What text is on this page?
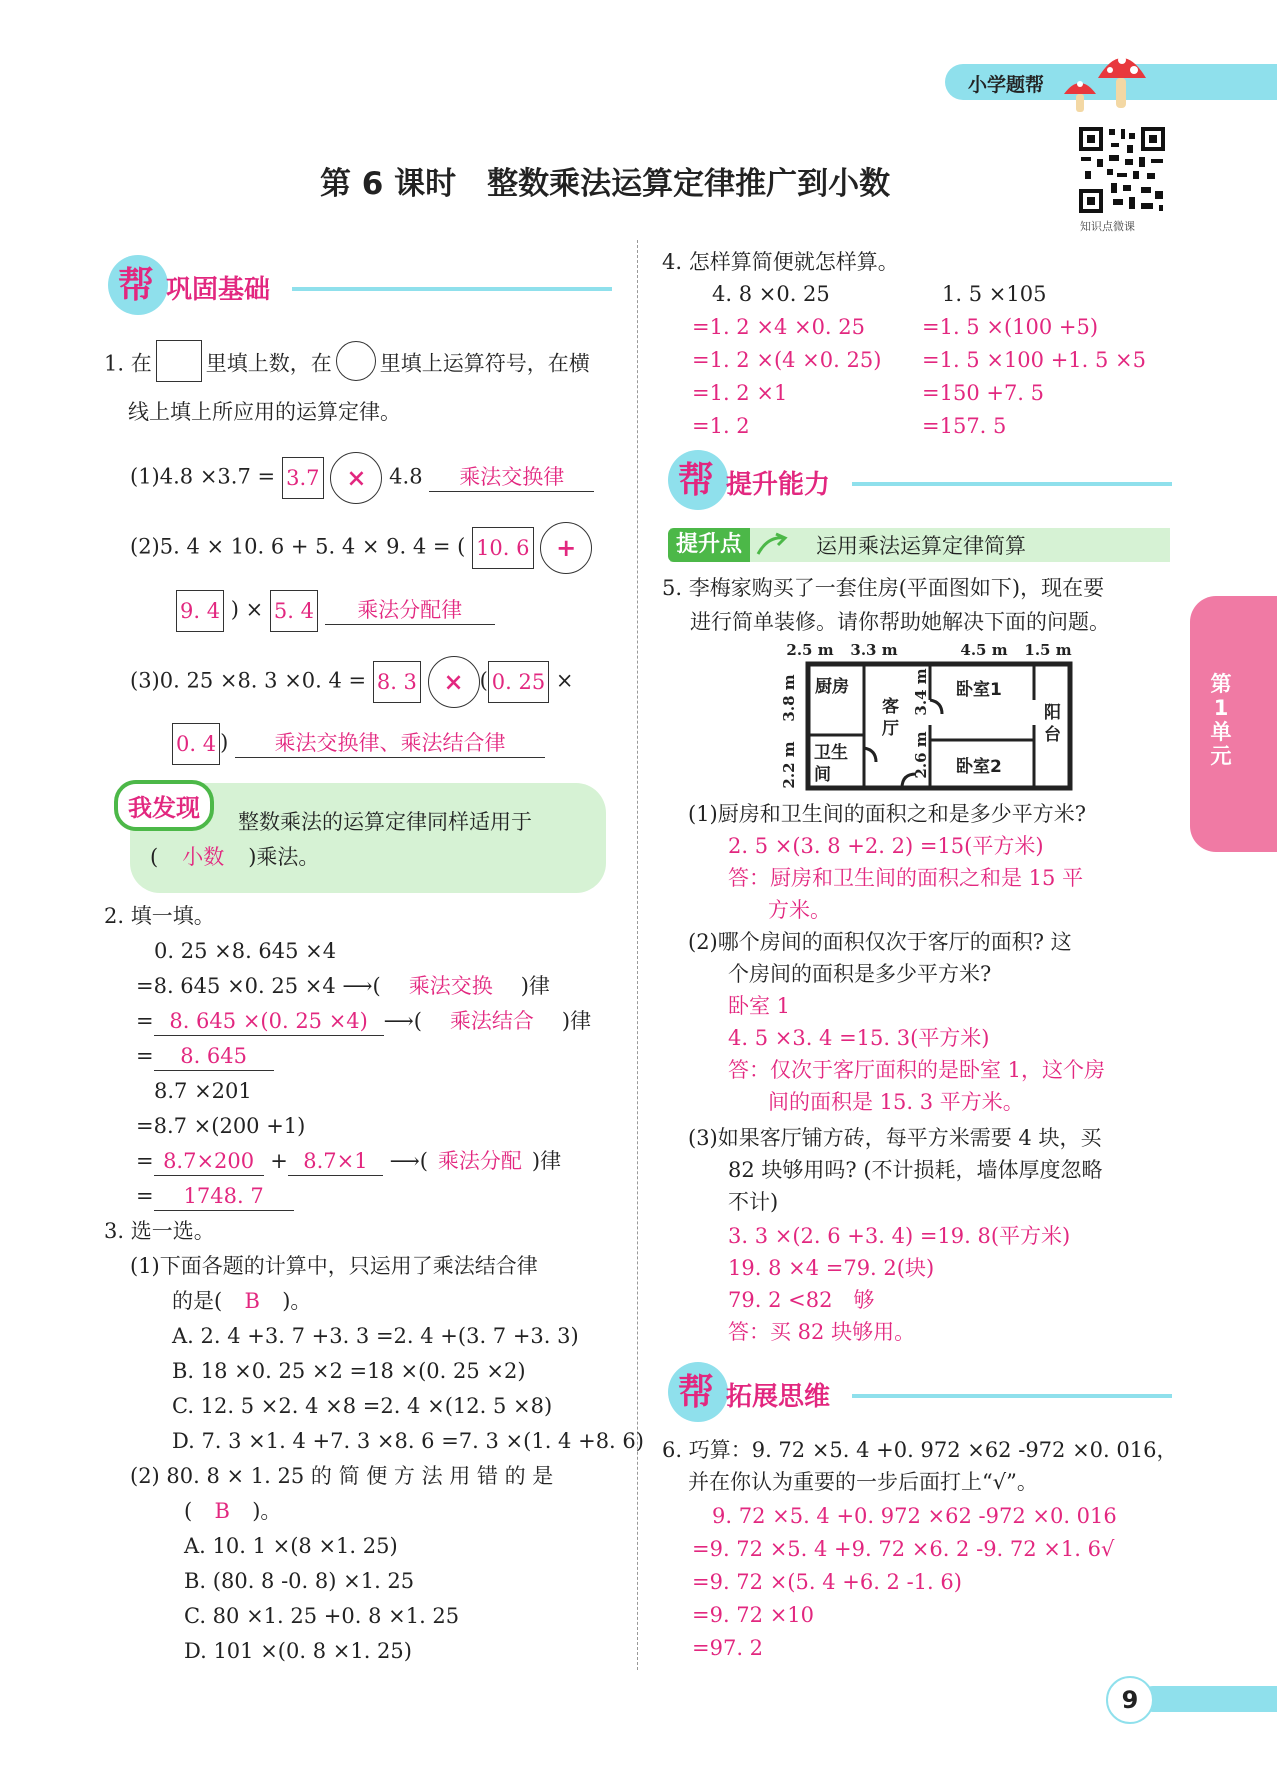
小学题帮
知识点微课
第 6 课时　整数乘法运算定律推广到小数
第
1
单
元
帮 巩固基础
1. 在	里填上数，在 里填上运算符号，在横
线上填上所应用的运算定律。
(1)4.8 ×3.7 = 3.7 × 4.8 乘法交换律
(2)5. 4 × 10. 6 + 5. 4 × 9. 4 = ( 10. 6 +
9. 4 ) × 5. 4 乘法分配律
(3)0. 25 ×8. 3 ×0. 4 = 8. 3 × ( 0. 25 ×
0. 4 ) 乘法交换律、乘法结合律
我发现	整数乘法的运算定律同样适用于
( 小数 )乘法。
2. 填一填。
0. 25 ×8. 645 ×4
=8. 645 ×0. 25 ×4 ⟶( 乘法交换 )律
= 8. 645 ×(0. 25 ×4) ⟶( 乘法结合 )律
= 8. 645
8.7 ×201
=8.7 ×(200 +1)
= 8.7×200 + 8.7×1 ⟶( 乘法分配 )律
= 1748. 7
3. 选一选。
(1)下面各题的计算中，只运用了乘法结合律
的是( B )。
A. 2. 4 +3. 7 +3. 3 =2. 4 +(3. 7 +3. 3)
B. 18 ×0. 25 ×2 =18 ×(0. 25 ×2)
C. 12. 5 ×2. 4 ×8 =2. 4 ×(12. 5 ×8)
D. 7. 3 ×1. 4 +7. 3 ×8. 6 =7. 3 ×(1. 4 +8. 6)
(2) 80. 8 × 1. 25 的 简 便 方 法 用 错 的 是
( B )。
A. 10. 1 ×(8 ×1. 25)
B. (80. 8 -0. 8) ×1. 25
C. 80 ×1. 25 +0. 8 ×1. 25
D. 101 ×(0. 8 ×1. 25)
4. 怎样算简便就怎样算。
4. 8 ×0. 25
=1. 2 ×4 ×0. 25
=1. 2 ×(4 ×0. 25)
=1. 2 ×1
=1. 2
1. 5 ×105
=1. 5 ×(100 +5)
=1. 5 ×100 +1. 5 ×5
=150 +7. 5
=157. 5
帮 提升能力
提升点	运用乘法运算定律简算
5. 李梅家购买了一套住房(平面图如下)，现在要
进行简单装修。请你帮助她解决下面的问题。
2.5 m 3.3 m	4.5 m 1.5 m
3.8 m
2.2 m
3.4 m
2.6 m
厨房
客
厅
卧室1
卫生
间	卧室2
阳
台
(1)厨房和卫生间的面积之和是多少平方米?
2. 5 ×(3. 8 +2. 2) =15(平方米)
答：厨房和卫生间的面积之和是 15 平
方米。
(2)哪个房间的面积仅次于客厅的面积? 这
个房间的面积是多少平方米?
卧室 1
4. 5 ×3. 4 =15. 3(平方米)
答：仅次于客厅面积的是卧室 1，这个房
间的面积是 15. 3 平方米。
(3)如果客厅铺方砖，每平方米需要 4 块，买
82 块够用吗? (不计损耗，墙体厚度忽略
不计)
3. 3 ×(2. 6 +3. 4) =19. 8(平方米)
19. 8 ×4 =79. 2(块)
79. 2 <82　够
答：买 82 块够用。
帮 拓展思维
6. 巧算：9. 72 ×5. 4 +0. 972 ×62 -972 ×0. 016，
并在你认为重要的一步后面打上“√”。
9. 72 ×5. 4 +0. 972 ×62 -972 ×0. 016
=9. 72 ×5. 4 +9. 72 ×6. 2 -9. 72 ×1. 6√
=9. 72 ×(5. 4 +6. 2 -1. 6)
=9. 72 ×10
=97. 2
9
